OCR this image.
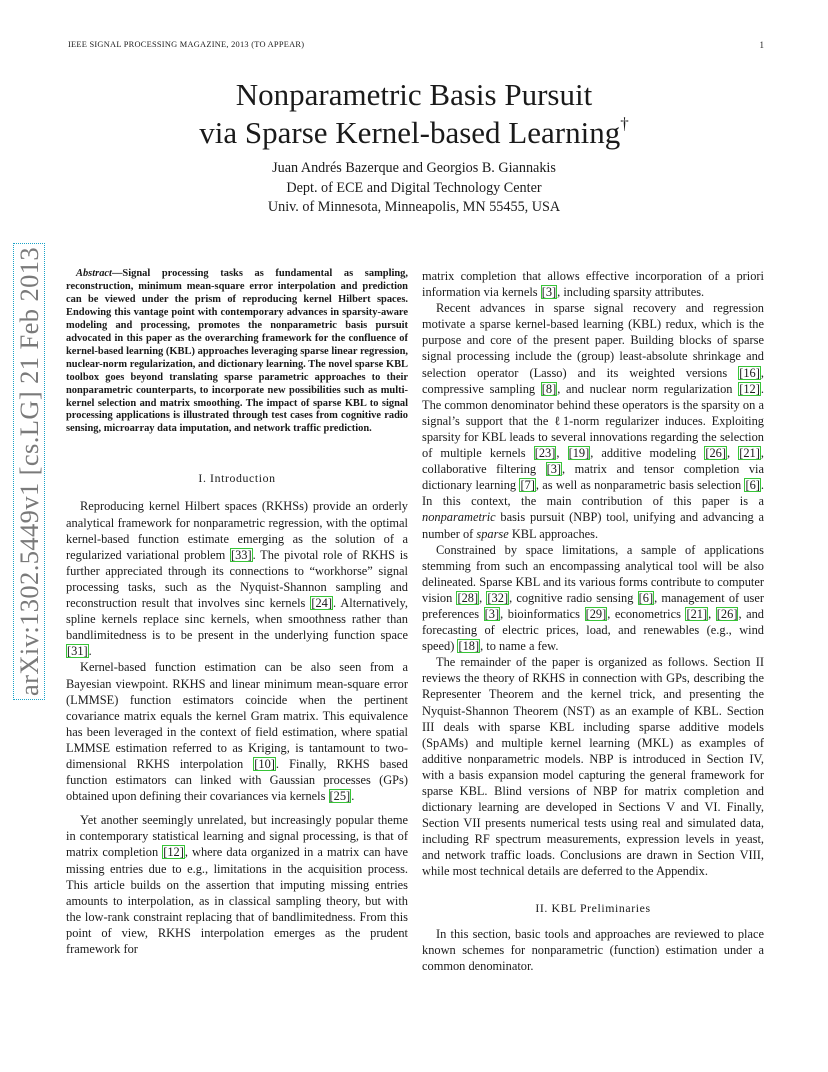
IEEE SIGNAL PROCESSING MAGAZINE, 2013 (TO APPEAR)	1
Nonparametric Basis Pursuit
via Sparse Kernel-based Learning†
Juan Andrés Bazerque and Georgios B. Giannakis
Dept. of ECE and Digital Technology Center
Univ. of Minnesota, Minneapolis, MN 55455, USA
arXiv:1302.5449v1 [cs.LG] 21 Feb 2013	Abstract—Signal processing tasks as fundamental as sampling, reconstruction, minimum mean-square error interpolation and prediction can be viewed under the prism of reproducing kernel Hilbert spaces. Endowing this vantage point with contemporary advances in sparsity-aware modeling and processing, promotes the nonparametric basis pursuit advocated in this paper as the overarching framework for the confluence of kernel-based learning (KBL) approaches leveraging sparse linear regression, nuclear-norm regularization, and dictionary learning. The novel sparse KBL toolbox goes beyond translating sparse parametric approaches to their nonparametric counterparts, to incorporate new possibilities such as multi-kernel selection and matrix smoothing. The impact of sparse KBL to signal processing applications is illustrated through test cases from cognitive radio sensing, microarray data imputation, and network traffic prediction.

I. Introduction

Reproducing kernel Hilbert spaces (RKHSs) provide an orderly analytical framework for nonparametric regression, with the optimal kernel-based function estimate emerging as the solution of a regularized variational problem [33]. The pivotal role of RKHS is further appreciated through its connections to “workhorse” signal processing tasks, such as the Nyquist-Shannon sampling and reconstruction result that involves sinc kernels [24]. Alternatively, spline kernels replace sinc kernels, when smoothness rather than bandlimitedness is to be present in the underlying function space [31].

Kernel-based function estimation can be also seen from a Bayesian viewpoint. RKHS and linear minimum mean-square error (LMMSE) function estimators coincide when the pertinent covariance matrix equals the kernel Gram matrix. This equivalence has been leveraged in the context of field estimation, where spatial LMMSE estimation referred to as Kriging, is tantamount to two-dimensional RKHS interpolation [10]. Finally, RKHS based function estimators can linked with Gaussian processes (GPs) obtained upon defining their covariances via kernels [25].

Yet another seemingly unrelated, but increasingly popular theme in contemporary statistical learning and signal processing, is that of matrix completion [12], where data organized in a matrix can have missing entries due to e.g., limitations in the acquisition process. This article builds on the assertion that imputing missing entries amounts to interpolation, as in classical sampling theory, but with the low-rank constraint replacing that of bandlimitedness. From this point of view, RKHS interpolation emerges as the prudent framework for

matrix completion that allows effective incorporation of a priori information via kernels [3], including sparsity attributes.

Recent advances in sparse signal recovery and regression motivate a sparse kernel-based learning (KBL) redux, which is the purpose and core of the present paper. Building blocks of sparse signal processing include the (group) least-absolute shrinkage and selection operator (Lasso) and its weighted versions [16], compressive sampling [8], and nuclear norm regularization [12]. The common denominator behind these operators is the sparsity on a signal’s support that the ℓ1-norm regularizer induces. Exploiting sparsity for KBL leads to several innovations regarding the selection of multiple kernels [23], [19], additive modeling [26], [21], collaborative filtering [3], matrix and tensor completion via dictionary learning [7], as well as nonparametric basis selection [6]. In this context, the main contribution of this paper is a nonparametric basis pursuit (NBP) tool, unifying and advancing a number of sparse KBL approaches.

Constrained by space limitations, a sample of applications stemming from such an encompassing analytical tool will be also delineated. Sparse KBL and its various forms contribute to computer vision [28], [32], cognitive radio sensing [6], management of user preferences [3], bioinformatics [29], econometrics [21], [26], and forecasting of electric prices, load, and renewables (e.g., wind speed) [18], to name a few.

The remainder of the paper is organized as follows. Section II reviews the theory of RKHS in connection with GPs, describing the Representer Theorem and the kernel trick, and presenting the Nyquist-Shannon Theorem (NST) as an example of KBL. Section III deals with sparse KBL including sparse additive models (SpAMs) and multiple kernel learning (MKL) as examples of additive nonparametric models. NBP is introduced in Section IV, with a basis expansion model capturing the general framework for sparse KBL. Blind versions of NBP for matrix completion and dictionary learning are developed in Sections V and VI. Finally, Section VII presents numerical tests using real and simulated data, including RF spectrum measurements, expression levels in yeast, and network traffic loads. Conclusions are drawn in Section VIII, while most technical details are deferred to the Appendix.

II. KBL Preliminaries

In this section, basic tools and approaches are reviewed to place known schemes for nonparametric (function) estimation under a common denominator.
